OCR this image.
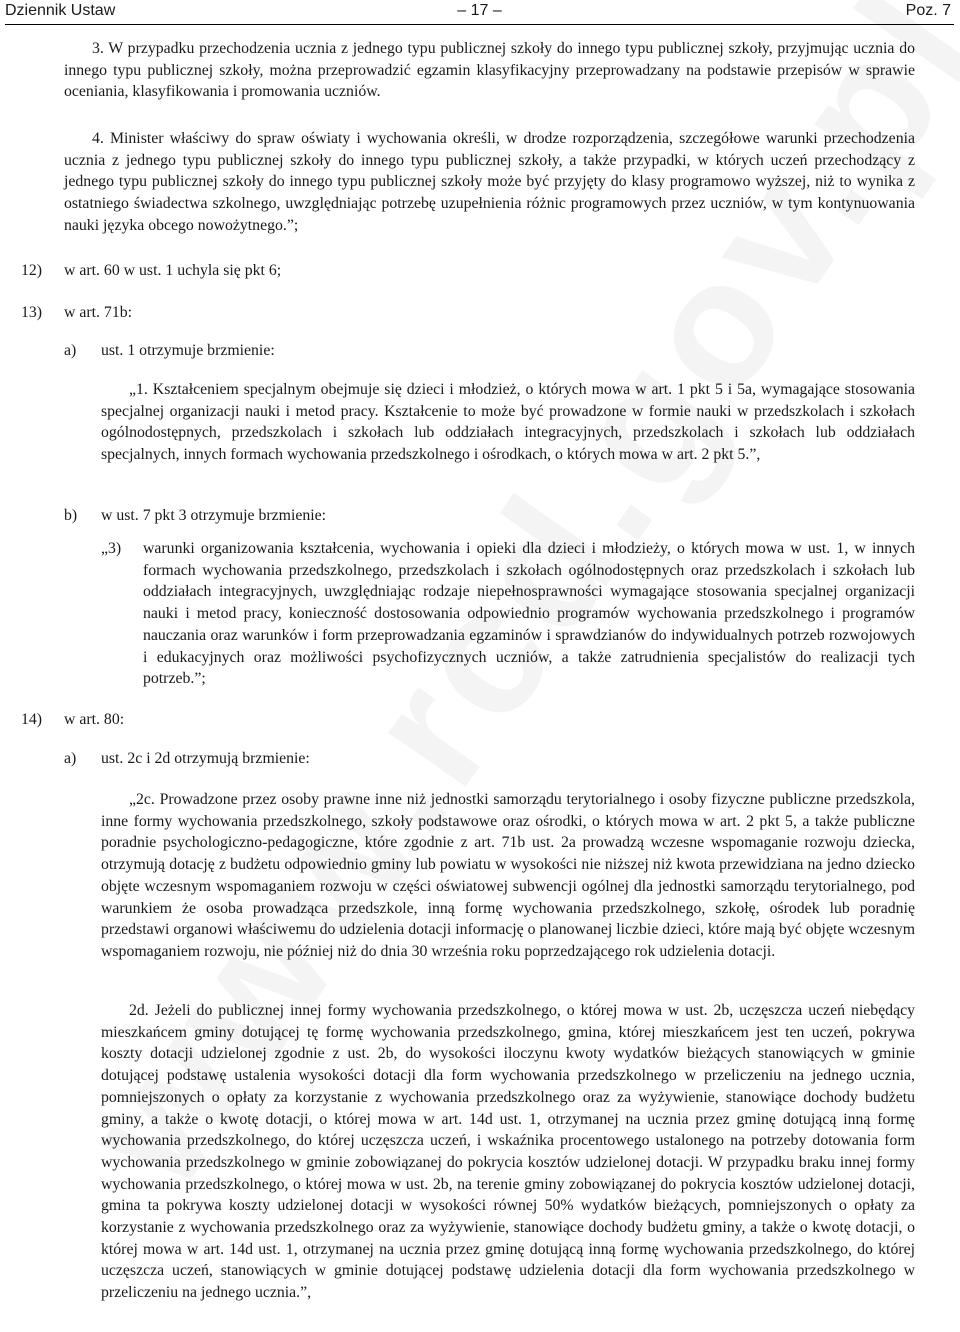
Dziennik Ustaw	– 17 –	Poz. 7

3. W przypadku przechodzenia ucznia z jednego typu publicznej szkoły do innego typu publicznej szkoły, przyjmując ucznia do innego typu publicznej szkoły, można przeprowadzić egzamin klasyfikacyjny przeprowadzany na podstawie przepisów w sprawie oceniania, klasyfikowania i promowania uczniów.

4. Minister właściwy do spraw oświaty i wychowania określi, w drodze rozporządzenia, szczegółowe warunki przechodzenia ucznia z jednego typu publicznej szkoły do innego typu publicznej szkoły, a także przypadki, w których uczeń przechodzący z jednego typu publicznej szkoły do innego typu publicznej szkoły może być przyjęty do klasy programowo wyższej, niż to wynika z ostatniego świadectwa szkolnego, uwzględniając potrzebę uzupełnienia różnic programowych przez uczniów, w tym kontynuowania nauki języka obcego nowożytnego.”;

12) w art. 60 w ust. 1 uchyla się pkt 6;
13) w art. 71b:
a) ust. 1 otrzymuje brzmienie:

„1. Kształceniem specjalnym obejmuje się dzieci i młodzież, o których mowa w art. 1 pkt 5 i 5a, wymagające stosowania specjalnej organizacji nauki i metod pracy. Kształcenie to może być prowadzone w formie nauki w przedszkolach i szkołach ogólnodostępnych, przedszkolach i szkołach lub oddziałach integracyjnych, przedszkolach i szkołach lub oddziałach specjalnych, innych formach wychowania przedszkolnego i ośrodkach, o których mowa w art. 2 pkt 5.”,

b) w ust. 7 pkt 3 otrzymuje brzmienie:
„3) warunki organizowania kształcenia, wychowania i opieki dla dzieci i młodzieży, o których mowa w ust. 1, w innych formach wychowania przedszkolnego, przedszkolach i szkołach ogólnodostępnych oraz przedszkolach i szkołach lub oddziałach integracyjnych, uwzględniając rodzaje niepełnosprawności wymagające stosowania specjalnej organizacji nauki i metod pracy, konieczność dostosowania odpowiednio programów wychowania przedszkolnego i programów nauczania oraz warunków i form przeprowadzania egzaminów i sprawdzianów do indywidualnych potrzeb rozwojowych i edukacyjnych oraz możliwości psychofizycznych uczniów, a także zatrudnienia specjalistów do realizacji tych potrzeb.”;

14) w art. 80:
a) ust. 2c i 2d otrzymują brzmienie:

„2c. Prowadzone przez osoby prawne inne niż jednostki samorządu terytorialnego i osoby fizyczne publiczne przedszkola, inne formy wychowania przedszkolnego, szkoły podstawowe oraz ośrodki, o których mowa w art. 2 pkt 5, a także publiczne poradnie psychologiczno-pedagogiczne, które zgodnie z art. 71b ust. 2a prowadzą wczesne wspomaganie rozwoju dziecka, otrzymują dotację z budżetu odpowiednio gminy lub powiatu w wysokości nie niższej niż kwota przewidziana na jedno dziecko objęte wczesnym wspomaganiem rozwoju w części oświatowej subwencji ogólnej dla jednostki samorządu terytorialnego, pod warunkiem że osoba prowadząca przedszkole, inną formę wychowania przedszkolnego, szkołę, ośrodek lub poradnię przedstawi organowi właściwemu do udzielenia dotacji informację o planowanej liczbie dzieci, które mają być objęte wczesnym wspomaganiem rozwoju, nie później niż do dnia 30 września roku poprzedzającego rok udzielenia dotacji.

2d. Jeżeli do publicznej innej formy wychowania przedszkolnego, o której mowa w ust. 2b, uczęszcza uczeń niebędący mieszkańcem gminy dotującej tę formę wychowania przedszkolnego, gmina, której mieszkańcem jest ten uczeń, pokrywa koszty dotacji udzielonej zgodnie z ust. 2b, do wysokości iloczynu kwoty wydatków bieżących stanowiących w gminie dotującej podstawę ustalenia wysokości dotacji dla form wychowania przedszkolnego w przeliczeniu na jednego ucznia, pomniejszonych o opłaty za korzystanie z wychowania przedszkolnego oraz za wyżywienie, stanowiące dochody budżetu gminy, a także o kwotę dotacji, o której mowa w art. 14d ust. 1, otrzymanej na ucznia przez gminę dotującą inną formę wychowania przedszkolnego, do której uczęszcza uczeń, i wskaźnika procentowego ustalonego na potrzeby dotowania form wychowania przedszkolnego w gminie zobowiązanej do pokrycia kosztów udzielonej dotacji. W przypadku braku innej formy wychowania przedszkolnego, o której mowa w ust. 2b, na terenie gminy zobowiązanej do pokrycia kosztów udzielonej dotacji, gmina ta pokrywa koszty udzielonej dotacji w wysokości równej 50% wydatków bieżących, pomniejszonych o opłaty za korzystanie z wychowania przedszkolnego oraz za wyżywienie, stanowiące dochody budżetu gminy, a także o kwotę dotacji, o której mowa w art. 14d ust. 1, otrzymanej na ucznia przez gminę dotującą inną formę wychowania przedszkolnego, do której uczęszcza uczeń, stanowiących w gminie dotującej podstawę udzielenia dotacji dla form wychowania przedszkolnego w przeliczeniu na jednego ucznia.”,
